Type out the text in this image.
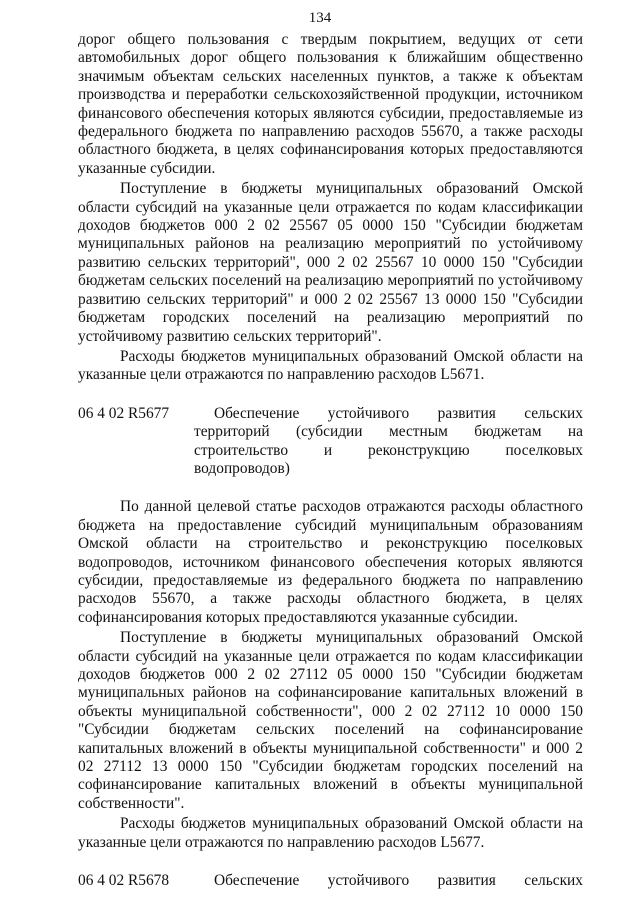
134

дорог общего пользования с твердым покрытием, ведущих от сети автомобильных дорог общего пользования к ближайшим общественно значимым объектам сельских населенных пунктов, а также к объектам производства и переработки сельскохозяйственной продукции, источником финансового обеспечения которых являются субсидии, предоставляемые из федерального бюджета по направлению расходов 55670, а также расходы областного бюджета, в целях софинансирования которых предоставляются указанные субсидии.

Поступление в бюджеты муниципальных образований Омской области субсидий на указанные цели отражается по кодам классификации доходов бюджетов 000 2 02 25567 05 0000 150 "Субсидии бюджетам муниципальных районов на реализацию мероприятий по устойчивому развитию сельских территорий", 000 2 02 25567 10 0000 150 "Субсидии бюджетам сельских поселений на реализацию мероприятий по устойчивому развитию сельских территорий" и 000 2 02 25567 13 0000 150 "Субсидии бюджетам городских поселений на реализацию мероприятий по устойчивому развитию сельских территорий".

Расходы бюджетов муниципальных образований Омской области на указанные цели отражаются по направлению расходов L5671.

06 4 02 R5677	Обеспечение устойчивого развития сельских территорий (субсидии местным бюджетам на строительство и реконструкцию поселковых водопроводов)

По данной целевой статье расходов отражаются расходы областного бюджета на предоставление субсидий муниципальным образованиям Омской области на строительство и реконструкцию поселковых водопроводов, источником финансового обеспечения которых являются субсидии, предоставляемые из федерального бюджета по направлению расходов 55670, а также расходы областного бюджета, в целях софинансирования которых предоставляются указанные субсидии.

Поступление в бюджеты муниципальных образований Омской области субсидий на указанные цели отражается по кодам классификации доходов бюджетов 000 2 02 27112 05 0000 150 "Субсидии бюджетам муниципальных районов на софинансирование капитальных вложений в объекты муниципальной собственности", 000 2 02 27112 10 0000 150 "Субсидии бюджетам сельских поселений на софинансирование капитальных вложений в объекты муниципальной собственности" и 000 2 02 27112 13 0000 150 "Субсидии бюджетам городских поселений на софинансирование капитальных вложений в объекты муниципальной собственности".

Расходы бюджетов муниципальных образований Омской области на указанные цели отражаются по направлению расходов L5677.

06 4 02 R5678	Обеспечение устойчивого развития сельских
